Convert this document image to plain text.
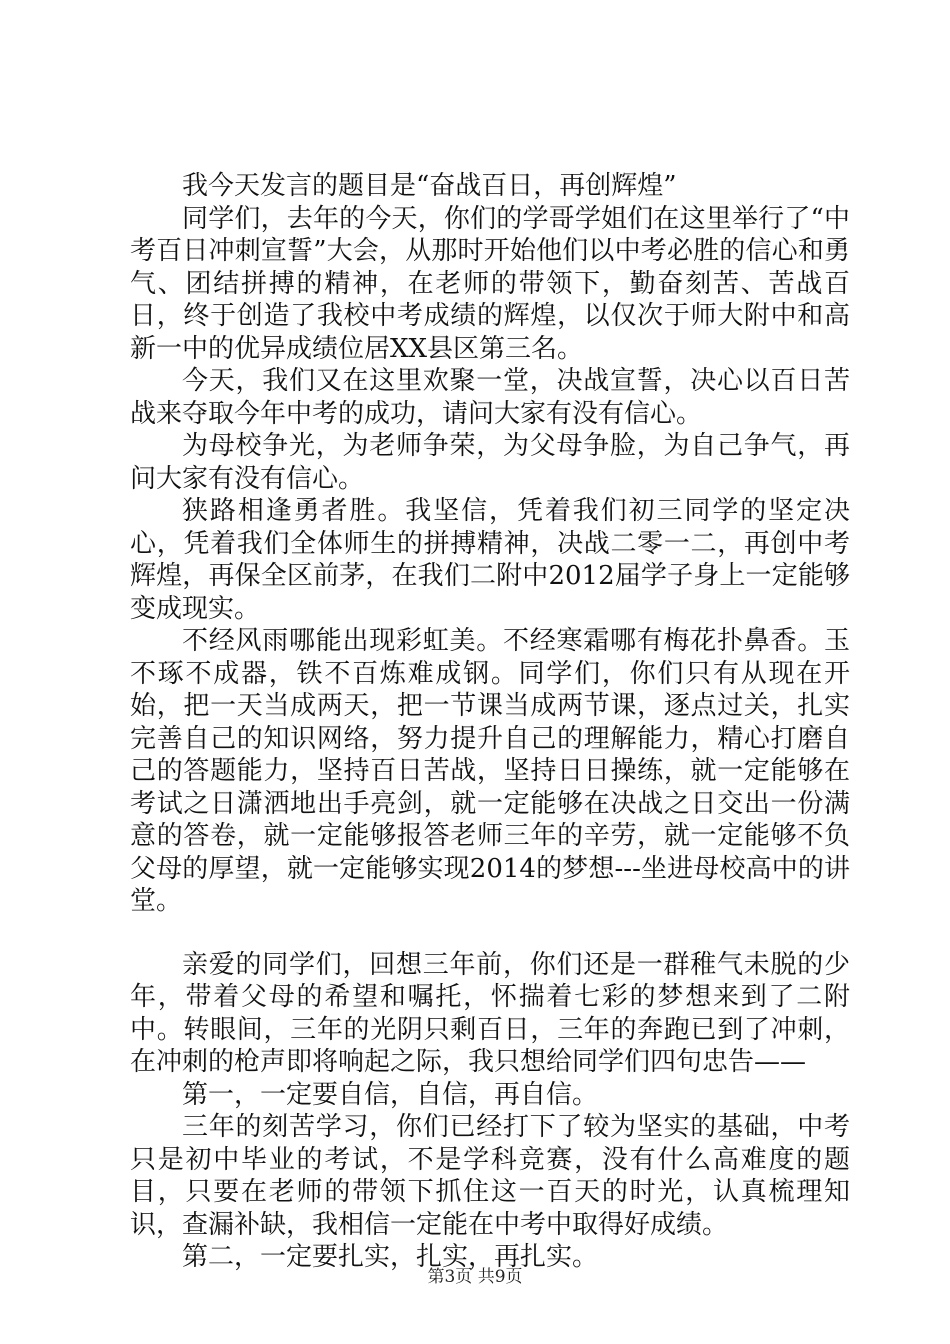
我今天发言的题目是“奋战百日，再创辉煌”

同学们，去年的今天，你们的学哥学姐们在这里举行了“中考百日冲刺宣誓”大会，从那时开始他们以中考必胜的信心和勇气、团结拼搏的精神，在老师的带领下，勤奋刻苦、苦战百日，终于创造了我校中考成绩的辉煌，以仅次于师大附中和高新一中的优异成绩位居XX县区第三名。

今天，我们又在这里欢聚一堂，决战宣誓，决心以百日苦战来夺取今年中考的成功，请问大家有没有信心。

为母校争光，为老师争荣，为父母争脸，为自己争气，再问大家有没有信心。

狭路相逢勇者胜。我坚信，凭着我们初三同学的坚定决心，凭着我们全体师生的拼搏精神，决战二零一二，再创中考辉煌，再保全区前茅，在我们二附中2012届学子身上一定能够变成现实。

不经风雨哪能出现彩虹美。不经寒霜哪有梅花扑鼻香。玉不琢不成器，铁不百炼难成钢。同学们，你们只有从现在开始，把一天当成两天，把一节课当成两节课，逐点过关，扎实完善自己的知识网络，努力提升自己的理解能力，精心打磨自己的答题能力，坚持百日苦战，坚持日日操练，就一定能够在考试之日潇洒地出手亮剑，就一定能够在决战之日交出一份满意的答卷，就一定能够报答老师三年的辛劳，就一定能够不负父母的厚望，就一定能够实现2014的梦想---坐进母校高中的讲堂。

亲爱的同学们，回想三年前，你们还是一群稚气未脱的少年，带着父母的希望和嘱托，怀揣着七彩的梦想来到了二附中。转眼间，三年的光阴只剩百日，三年的奔跑已到了冲刺，在冲刺的枪声即将响起之际，我只想给同学们四句忠告——

第一，一定要自信，自信，再自信。

三年的刻苦学习，你们已经打下了较为坚实的基础，中考只是初中毕业的考试，不是学科竞赛，没有什么高难度的题目，只要在老师的带领下抓住这一百天的时光，认真梳理知识，查漏补缺，我相信一定能在中考中取得好成绩。

第二，一定要扎实，扎实，再扎实。

第3页 共9页
